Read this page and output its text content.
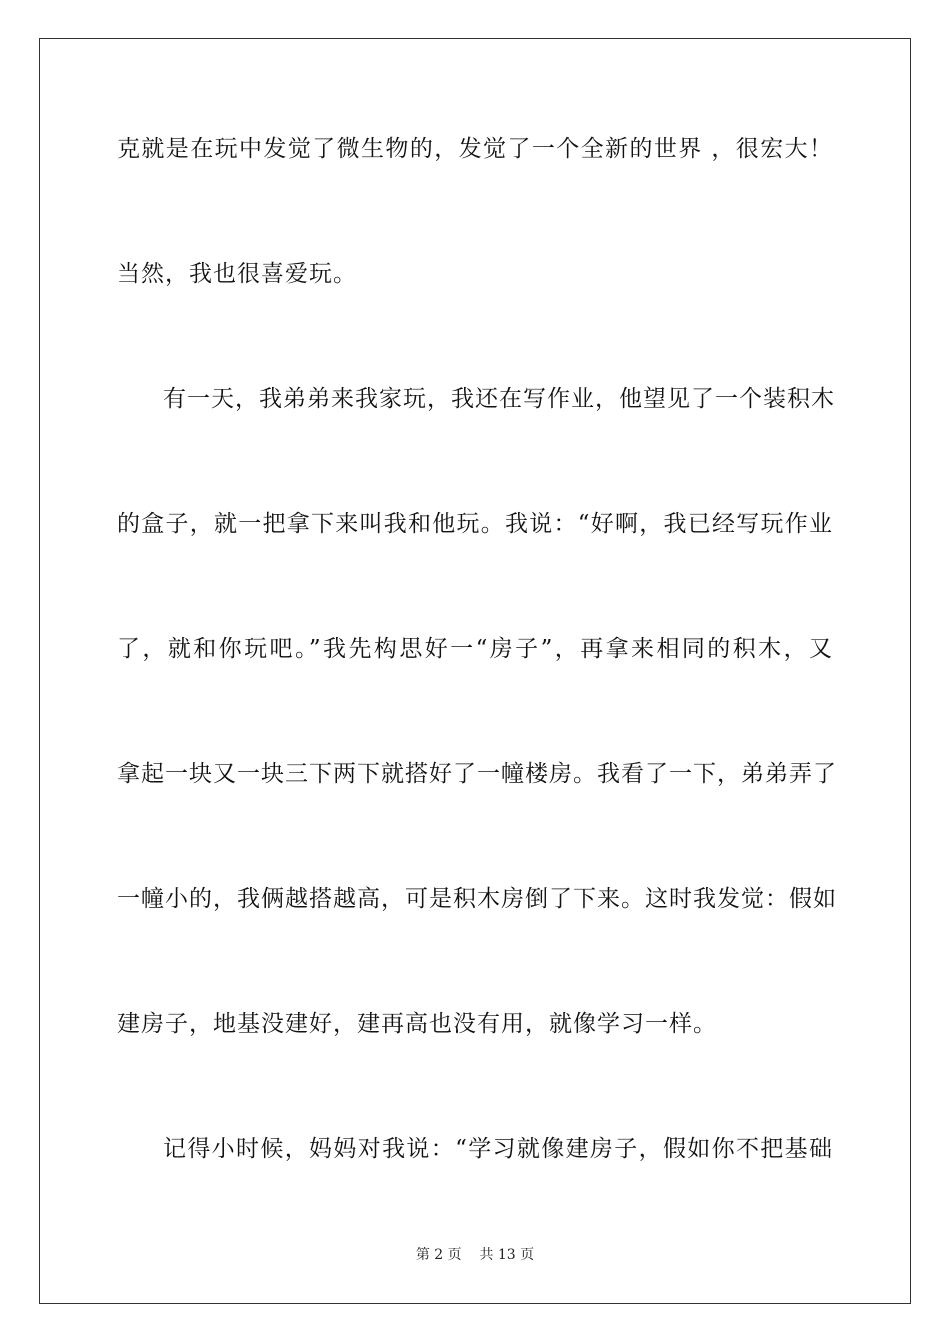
克就是在玩中发觉了微生物的，发觉了一个全新的世界 ，很宏大！
当然，我也很喜爱玩。
有一天，我弟弟来我家玩，我还在写作业，他望见了一个装积木
的盒子，就一把拿下来叫我和他玩。我说：“好啊，我已经写玩作业
了，就和你玩吧。”我先构思好一“房子”，再拿来相同的积木，又
拿起一块又一块三下两下就搭好了一幢楼房。我看了一下，弟弟弄了
一幢小的，我俩越搭越高，可是积木房倒了下来。这时我发觉：假如
建房子，地基没建好，建再高也没有用，就像学习一样。
记得小时候，妈妈对我说：“学习就像建房子，假如你不把基础
第 2 页 共 13 页
